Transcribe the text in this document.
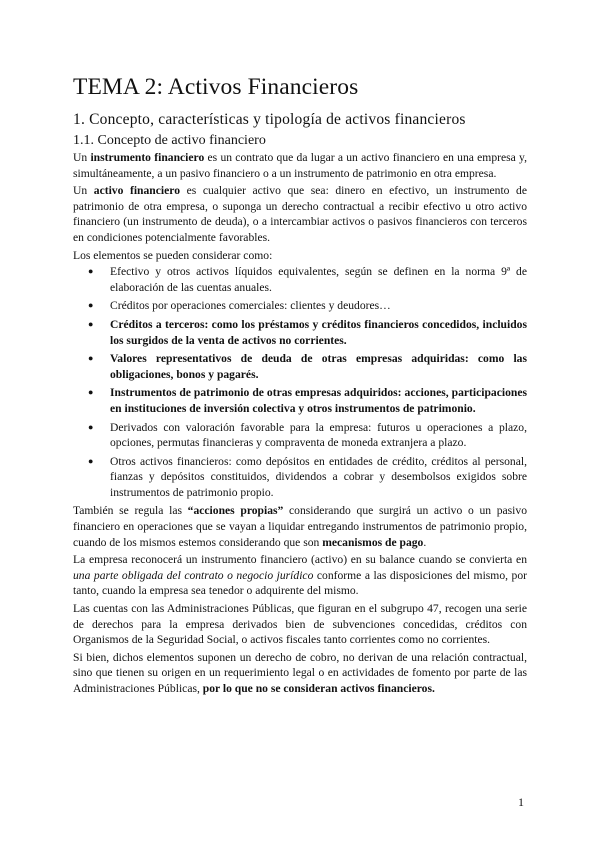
TEMA 2: Activos Financieros
1. Concepto, características y tipología de activos financieros
1.1. Concepto de activo financiero

Un instrumento financiero es un contrato que da lugar a un activo financiero en una empresa y, simultáneamente, a un pasivo financiero o a un instrumento de patrimonio en otra empresa.

Un activo financiero es cualquier activo que sea: dinero en efectivo, un instrumento de patrimonio de otra empresa, o suponga un derecho contractual a recibir efectivo u otro activo financiero (un instrumento de deuda), o a intercambiar activos o pasivos financieros con terceros en condiciones potencialmente favorables.

Los elementos se pueden considerar como:

● Efectivo y otros activos líquidos equivalentes, según se definen en la norma 9ª de elaboración de las cuentas anuales.
● Créditos por operaciones comerciales: clientes y deudores…
● Créditos a terceros: como los préstamos y créditos financieros concedidos, incluidos los surgidos de la venta de activos no corrientes.
● Valores representativos de deuda de otras empresas adquiridas: como las obligaciones, bonos y pagarés.
● Instrumentos de patrimonio de otras empresas adquiridos: acciones, participaciones en instituciones de inversión colectiva y otros instrumentos de patrimonio.
● Derivados con valoración favorable para la empresa: futuros u operaciones a plazo, opciones, permutas financieras y compraventa de moneda extranjera a plazo.
● Otros activos financieros: como depósitos en entidades de crédito, créditos al personal, fianzas y depósitos constituidos, dividendos a cobrar y desembolsos exigidos sobre instrumentos de patrimonio propio.

También se regula las “acciones propias” considerando que surgirá un activo o un pasivo financiero en operaciones que se vayan a liquidar entregando instrumentos de patrimonio propio, cuando de los mismos estemos considerando que son mecanismos de pago.

La empresa reconocerá un instrumento financiero (activo) en su balance cuando se convierta en una parte obligada del contrato o negocio jurídico conforme a las disposiciones del mismo, por tanto, cuando la empresa sea tenedor o adquirente del mismo.

Las cuentas con las Administraciones Públicas, que figuran en el subgrupo 47, recogen una serie de derechos para la empresa derivados bien de subvenciones concedidas, créditos con Organismos de la Seguridad Social, o activos fiscales tanto corrientes como no corrientes.

Si bien, dichos elementos suponen un derecho de cobro, no derivan de una relación contractual, sino que tienen su origen en un requerimiento legal o en actividades de fomento por parte de las Administraciones Públicas, por lo que no se consideran activos financieros.

1
